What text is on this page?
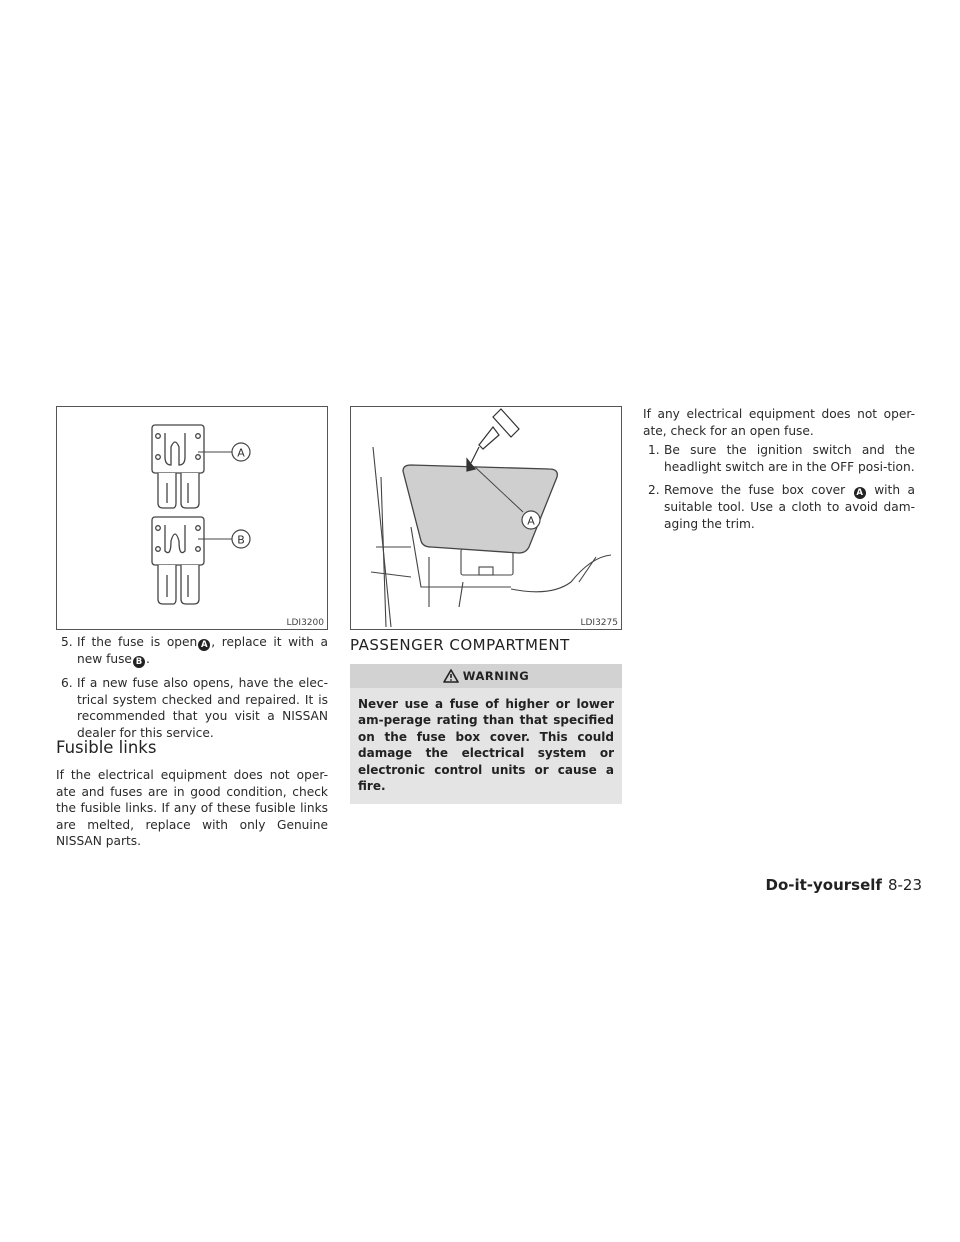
A
B
LDI3200
A
LDI3275
5. If the fuse is open A , replace it with a new fuse B .
6. If a new fuse also opens, have the elec-trical system checked and repaired. It is recommended that you visit a NISSAN dealer for this service.
Fusible links
If the electrical equipment does not oper-ate and fuses are in good condition, check the fusible links. If any of these fusible links are melted, replace with only Genuine NISSAN parts.
PASSENGER COMPARTMENT
WARNING
Never use a fuse of higher or lower am-perage rating than that specified on the fuse box cover. This could damage the electrical system or electronic control units or cause a fire.
If any electrical equipment does not oper-ate, check for an open fuse.
1. Be sure the ignition switch and the headlight switch are in the OFF posi-tion.
2. Remove the fuse box cover A with a suitable tool. Use a cloth to avoid dam-aging the trim.
Do-it-yourself 8-23
